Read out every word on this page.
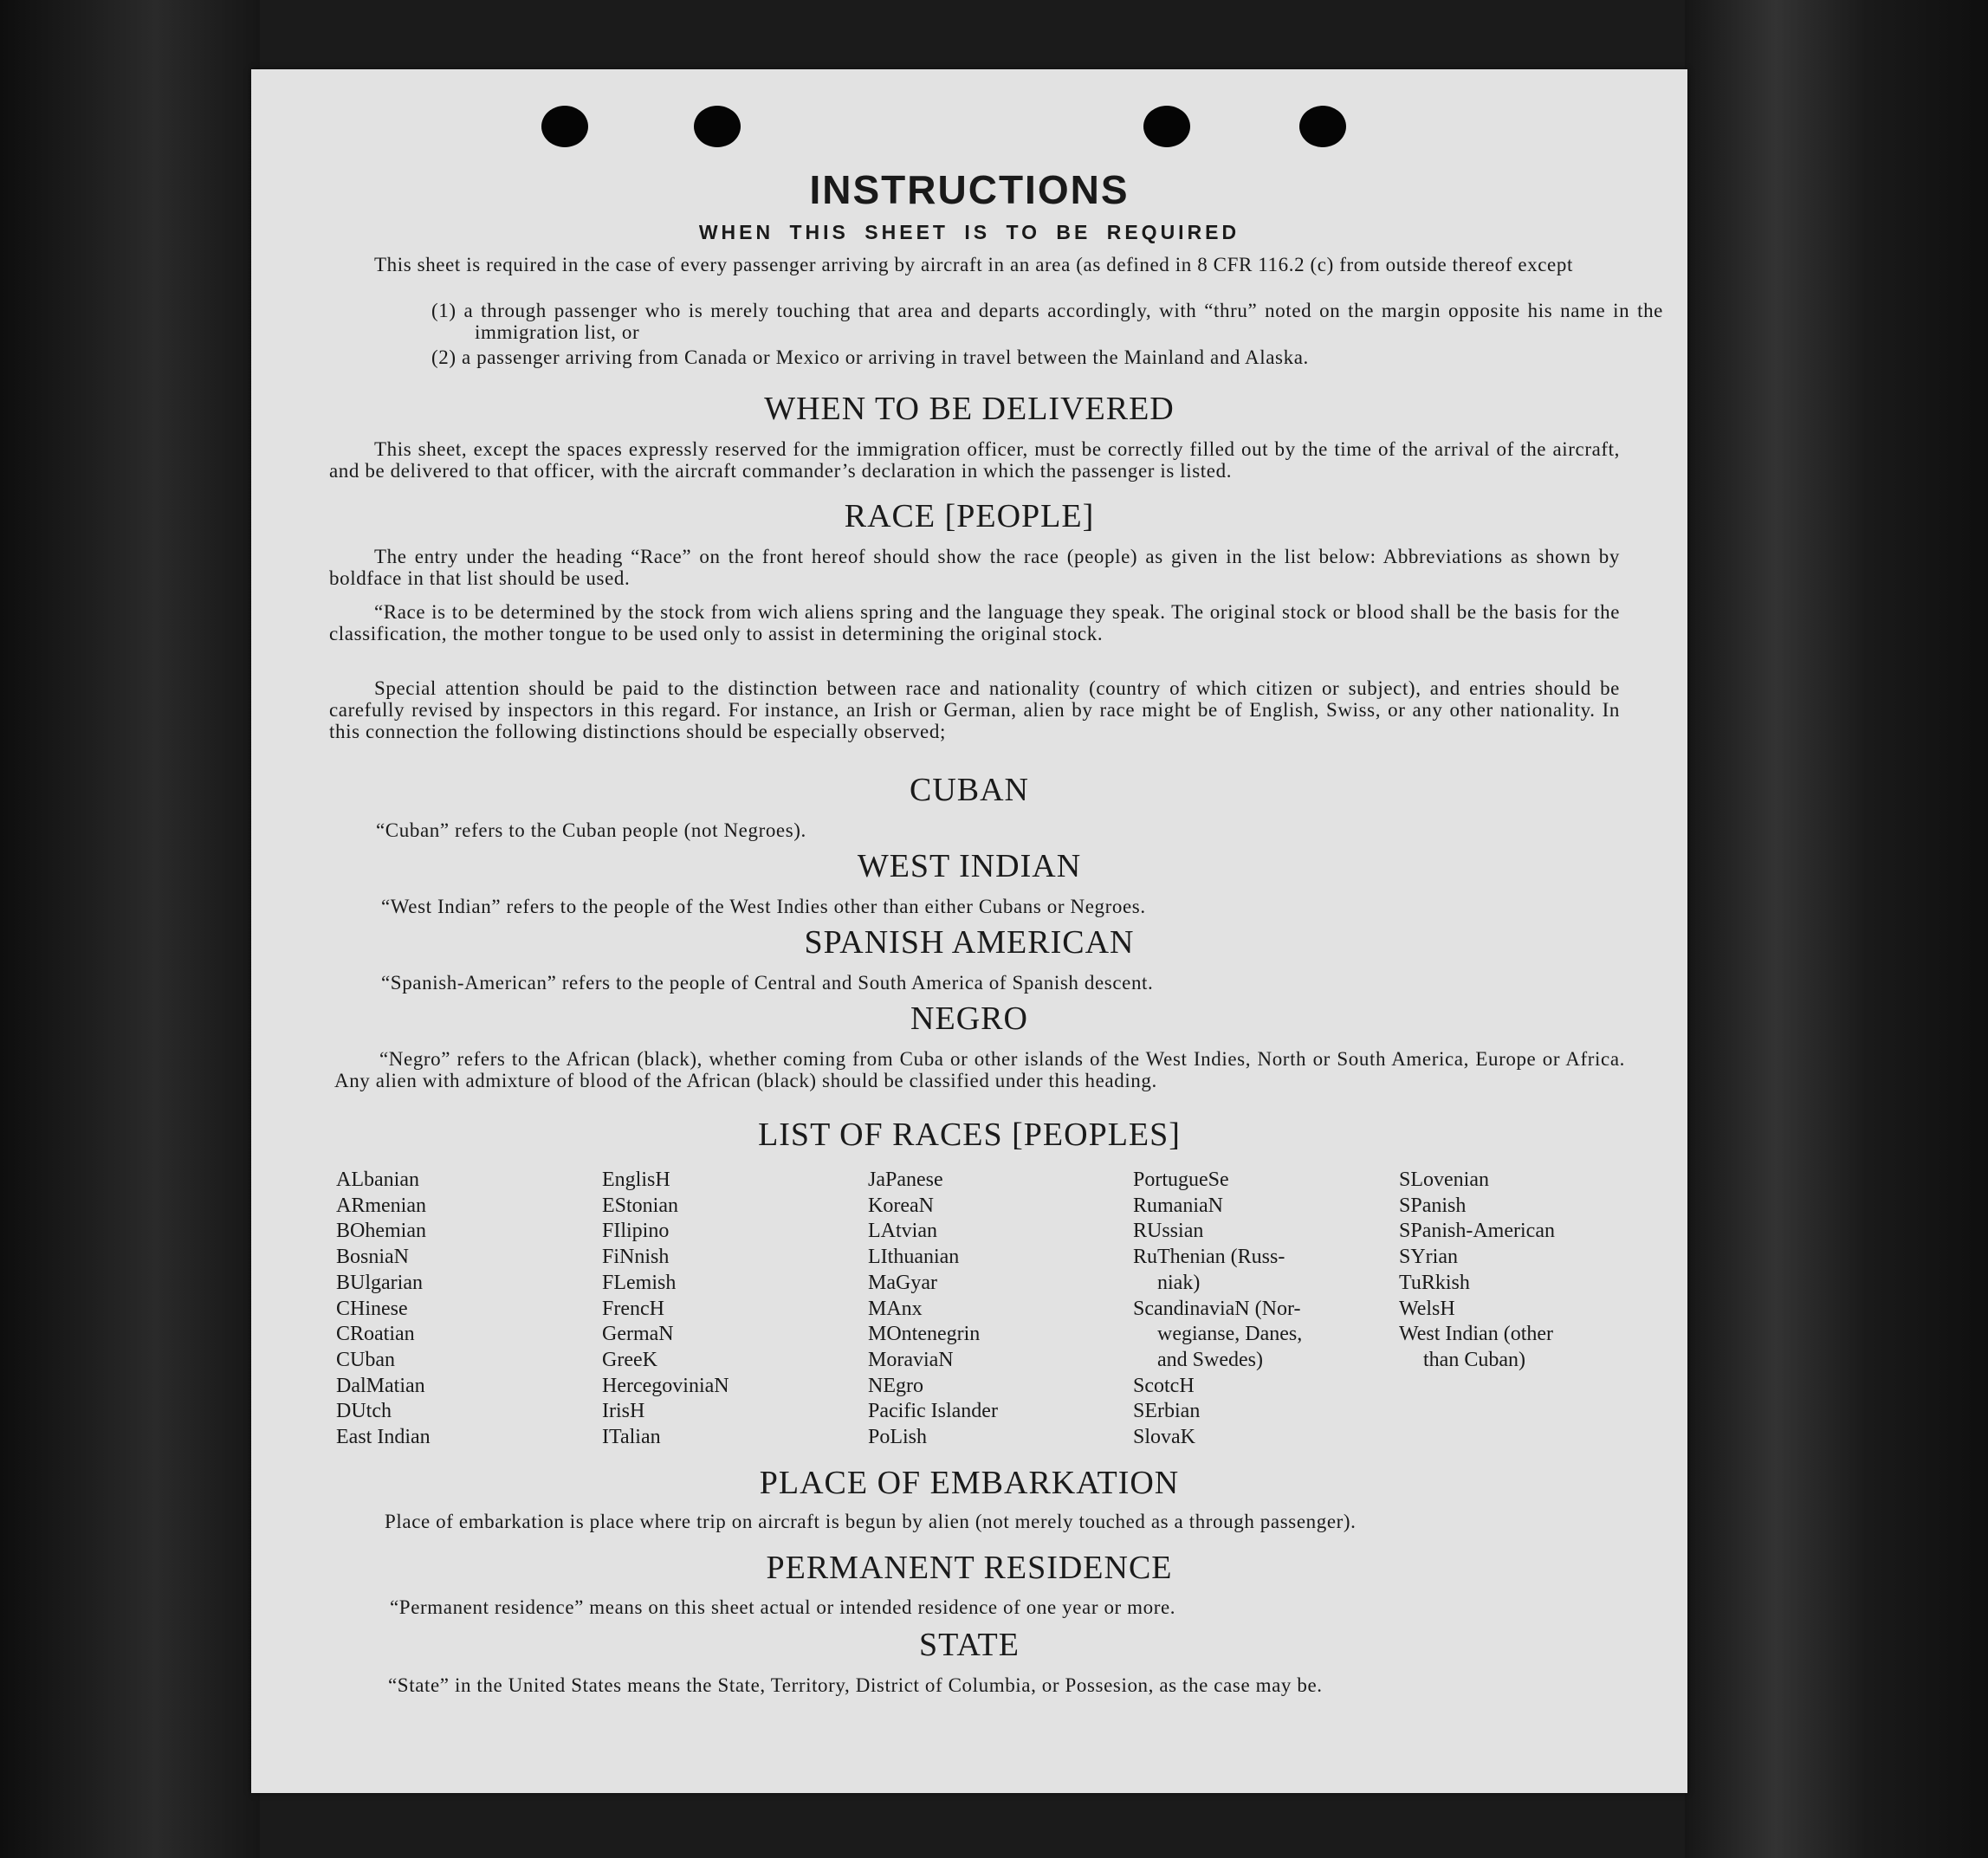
INSTRUCTIONS
WHEN THIS SHEET IS TO BE REQUIRED
This sheet is required in the case of every passenger arriving by aircraft in an area (as defined in 8 CFR 116.2 (c) from outside thereof except
(1) a through passenger who is merely touching that area and departs accordingly, with “thru” noted on the margin opposite his name in the immigration list, or
(2) a passenger arriving from Canada or Mexico or arriving in travel between the Mainland and Alaska.
WHEN TO BE DELIVERED
This sheet, except the spaces expressly reserved for the immigration officer, must be correctly filled out by the time of the arrival of the aircraft, and be delivered to that officer, with the aircraft commander’s declaration in which the passenger is listed.
RACE [PEOPLE]
The entry under the heading “Race” on the front hereof should show the race (people) as given in the list below: Abbreviations as shown by boldface in that list should be used.
“Race is to be determined by the stock from wich aliens spring and the language they speak. The original stock or blood shall be the basis for the classification, the mother tongue to be used only to assist in determining the original stock.
Special attention should be paid to the distinction between race and nationality (country of which citizen or subject), and entries should be carefully revised by inspectors in this regard. For instance, an Irish or German, alien by race might be of English, Swiss, or any other nationality. In this connection the following distinctions should be especially observed;
CUBAN
“Cuban” refers to the Cuban people (not Negroes).
WEST INDIAN
“West Indian” refers to the people of the West Indies other than either Cubans or Negroes.
SPANISH AMERICAN
“Spanish-American” refers to the people of Central and South America of Spanish descent.
NEGRO
“Negro” refers to the African (black), whether coming from Cuba or other islands of the West Indies, North or South America, Europe or Africa. Any alien with admixture of blood of the African (black) should be classified under this heading.
LIST OF RACES [PEOPLES]
ALbanian
ARmenian
BOhemian
BosniaN
BUlgarian
CHinese
CRoatian
CUban
DalMatian
DUtch
East Indian
EnglisH
EStonian
FIlipino
FiNnish
FLemish
FrencH
GermaN
GreeK
HercegoviniaN
IrisH
ITalian
JaPanese
KoreaN
LAtvian
LIthuanian
MaGyar
MAnx
MOntenegrin
MoraviaN
NEgro
Pacific Islander
PoLish
PortugueSe
RumaniaN
RUssian
RuThenian (Russ-
niak)
ScandinaviaN (Nor-
wegianse, Danes,
and Swedes)
ScotcH
SErbian
SlovaK
SLovenian
SPanish
SPanish-American
SYrian
TuRkish
WelsH
West Indian (other
than Cuban)
PLACE OF EMBARKATION
Place of embarkation is place where trip on aircraft is begun by alien (not merely touched as a through passenger).
PERMANENT RESIDENCE
“Permanent residence” means on this sheet actual or intended residence of one year or more.
STATE
“State” in the United States means the State, Territory, District of Columbia, or Possesion, as the case may be.
